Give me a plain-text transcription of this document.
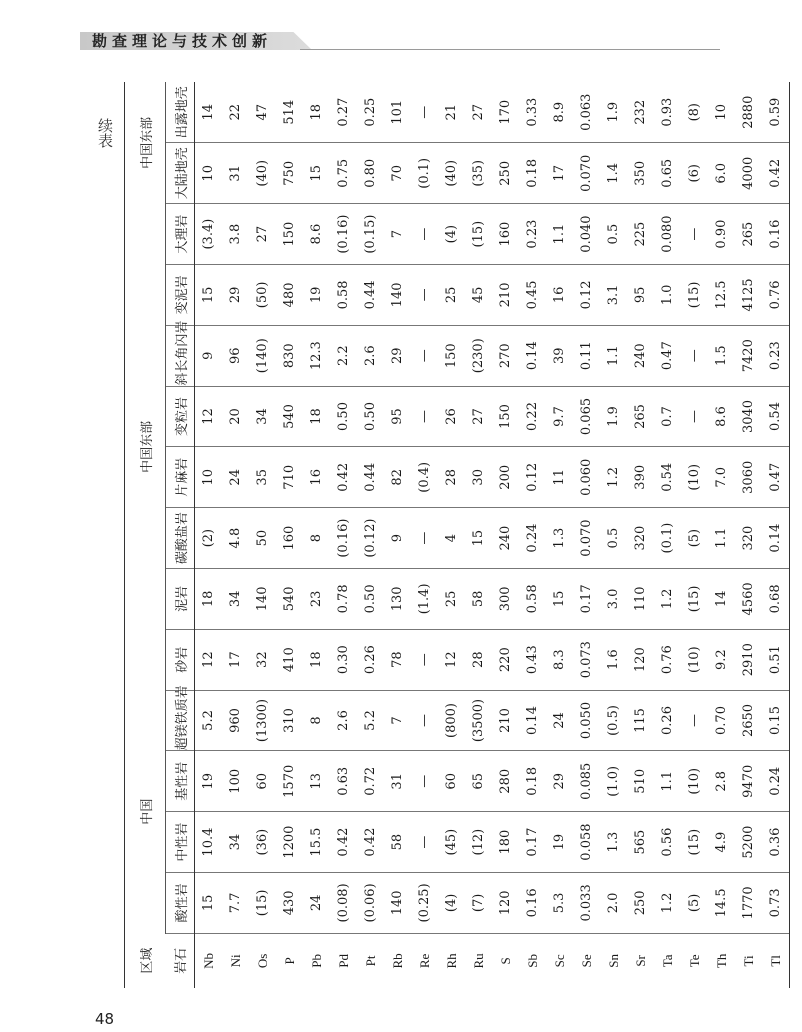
勘查理论与技术创新
续表
区域	中国				中国东部								中国东部	
岩石	酸性岩	中性岩	基性岩	超镁铁质岩	砂岩	泥岩	碳酸盐岩	片麻岩	变粒岩	斜长角闪岩	变泥岩	大理岩	大陆地壳	出露地壳
Nb	15	10.4	19	5.2	12	18	(2)	10	12	9	15	(3.4)	10	14
Ni	7.7	34	100	960	17	34	4.8	24	20	96	29	3.8	31	22
Os	(15)	(36)	60	(1300)	32	140	50	35	34	(140)	(50)	27	(40)	47
P	430	1200	1570	310	410	540	160	710	540	830	480	150	750	514
Pb	24	15.5	13	8	18	23	8	16	18	12.3	19	8.6	15	18
Pd	(0.08)	0.42	0.63	2.6	0.30	0.78	(0.16)	0.42	0.50	2.2	0.58	(0.16)	0.75	0.27
Pt	(0.06)	0.42	0.72	5.2	0.26	0.50	(0.12)	0.44	0.50	2.6	0.44	(0.15)	0.80	0.25
Rb	140	58	31	7	78	130	9	82	95	29	140	7	70	101
Re	(0.25)	—	—	—	—	(1.4)	—	(0.4)	—	—	—	—	(0.1)	—
Rh	(4)	(45)	60	(800)	12	25	4	28	26	150	25	(4)	(40)	21
Ru	(7)	(12)	65	(3500)	28	58	15	30	27	(230)	45	(15)	(35)	27
S	120	180	280	210	220	300	240	200	150	270	210	160	250	170
Sb	0.16	0.17	0.18	0.14	0.43	0.58	0.24	0.12	0.22	0.14	0.45	0.23	0.18	0.33
Sc	5.3	19	29	24	8.3	15	1.3	11	9.7	39	16	1.1	17	8.9
Se	0.033	0.058	0.085	0.050	0.073	0.17	0.070	0.060	0.065	0.11	0.12	0.040	0.070	0.063
Sn	2.0	1.3	(1.0)	(0.5)	1.6	3.0	0.5	1.2	1.9	1.1	3.1	0.5	1.4	1.9
Sr	250	565	510	115	120	110	320	390	265	240	95	225	350	232
Ta	1.2	0.56	1.1	0.26	0.76	1.2	(0.1)	0.54	0.7	0.47	1.0	0.080	0.65	0.93
Te	(5)	(15)	(10)	—	(10)	(15)	(5)	(10)	—	—	(15)	—	(6)	(8)
Th	14.5	4.9	2.8	0.70	9.2	14	1.1	7.0	8.6	1.5	12.5	0.90	6.0	10
Ti	1770	5200	9470	2650	2910	4560	320	3060	3040	7420	4125	265	4000	2880
Tl	0.73	0.36	0.24	0.15	0.51	0.68	0.14	0.47	0.54	0.23	0.76	0.16	0.42	0.59
48
